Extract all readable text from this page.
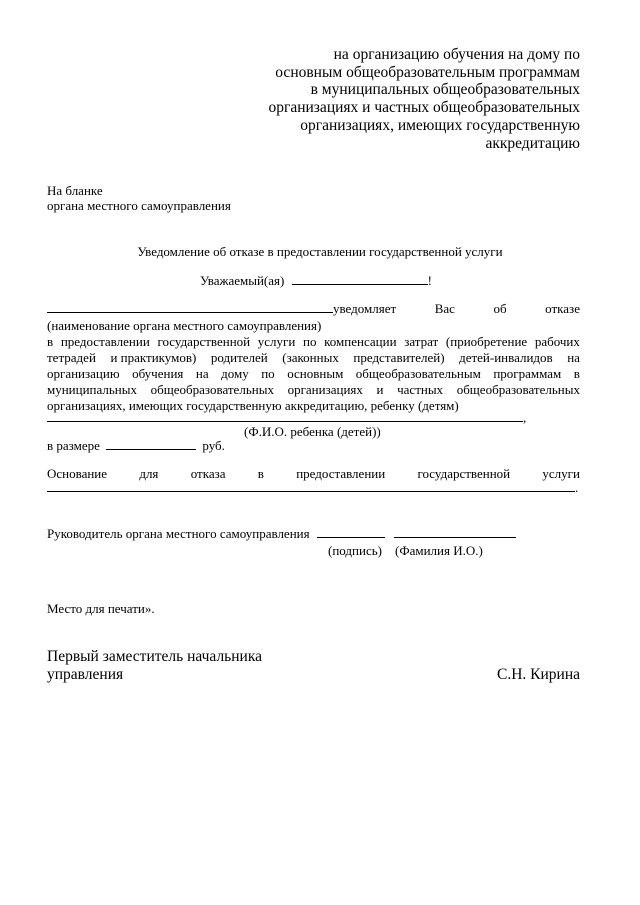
на организацию обучения на дому по
основным общеобразовательным программам
в муниципальных общеобразовательных
организациях и частных общеобразовательных
организациях, имеющих государственную
аккредитацию
На бланке
органа местного самоуправления
Уведомление об отказе в предоставлении государственной услуги
Уважаемый(ая)	!
уведомляет	Вас	об	отказе
(наименование органа местного самоуправления)
в предоставлении государственной услуги по компенсации затрат (приобретение рабочих
тетрадей и практикумов) родителей (законных представителей) детей-инвалидов на
организацию обучения на дому по основным общеобразовательным программам в
муниципальных общеобразовательных организациях и частных общеобразовательных
организациях, имеющих государственную аккредитацию, ребенку (детям)
,
(Ф.И.О. ребенка (детей))
в размере	руб.
Основание для отказа в предоставлении государственной услуги
.
Руководитель органа местного самоуправления
(подпись) (Фамилия И.О.)
Место для печати».
Первый заместитель начальника
управления	С.Н. Кирина
